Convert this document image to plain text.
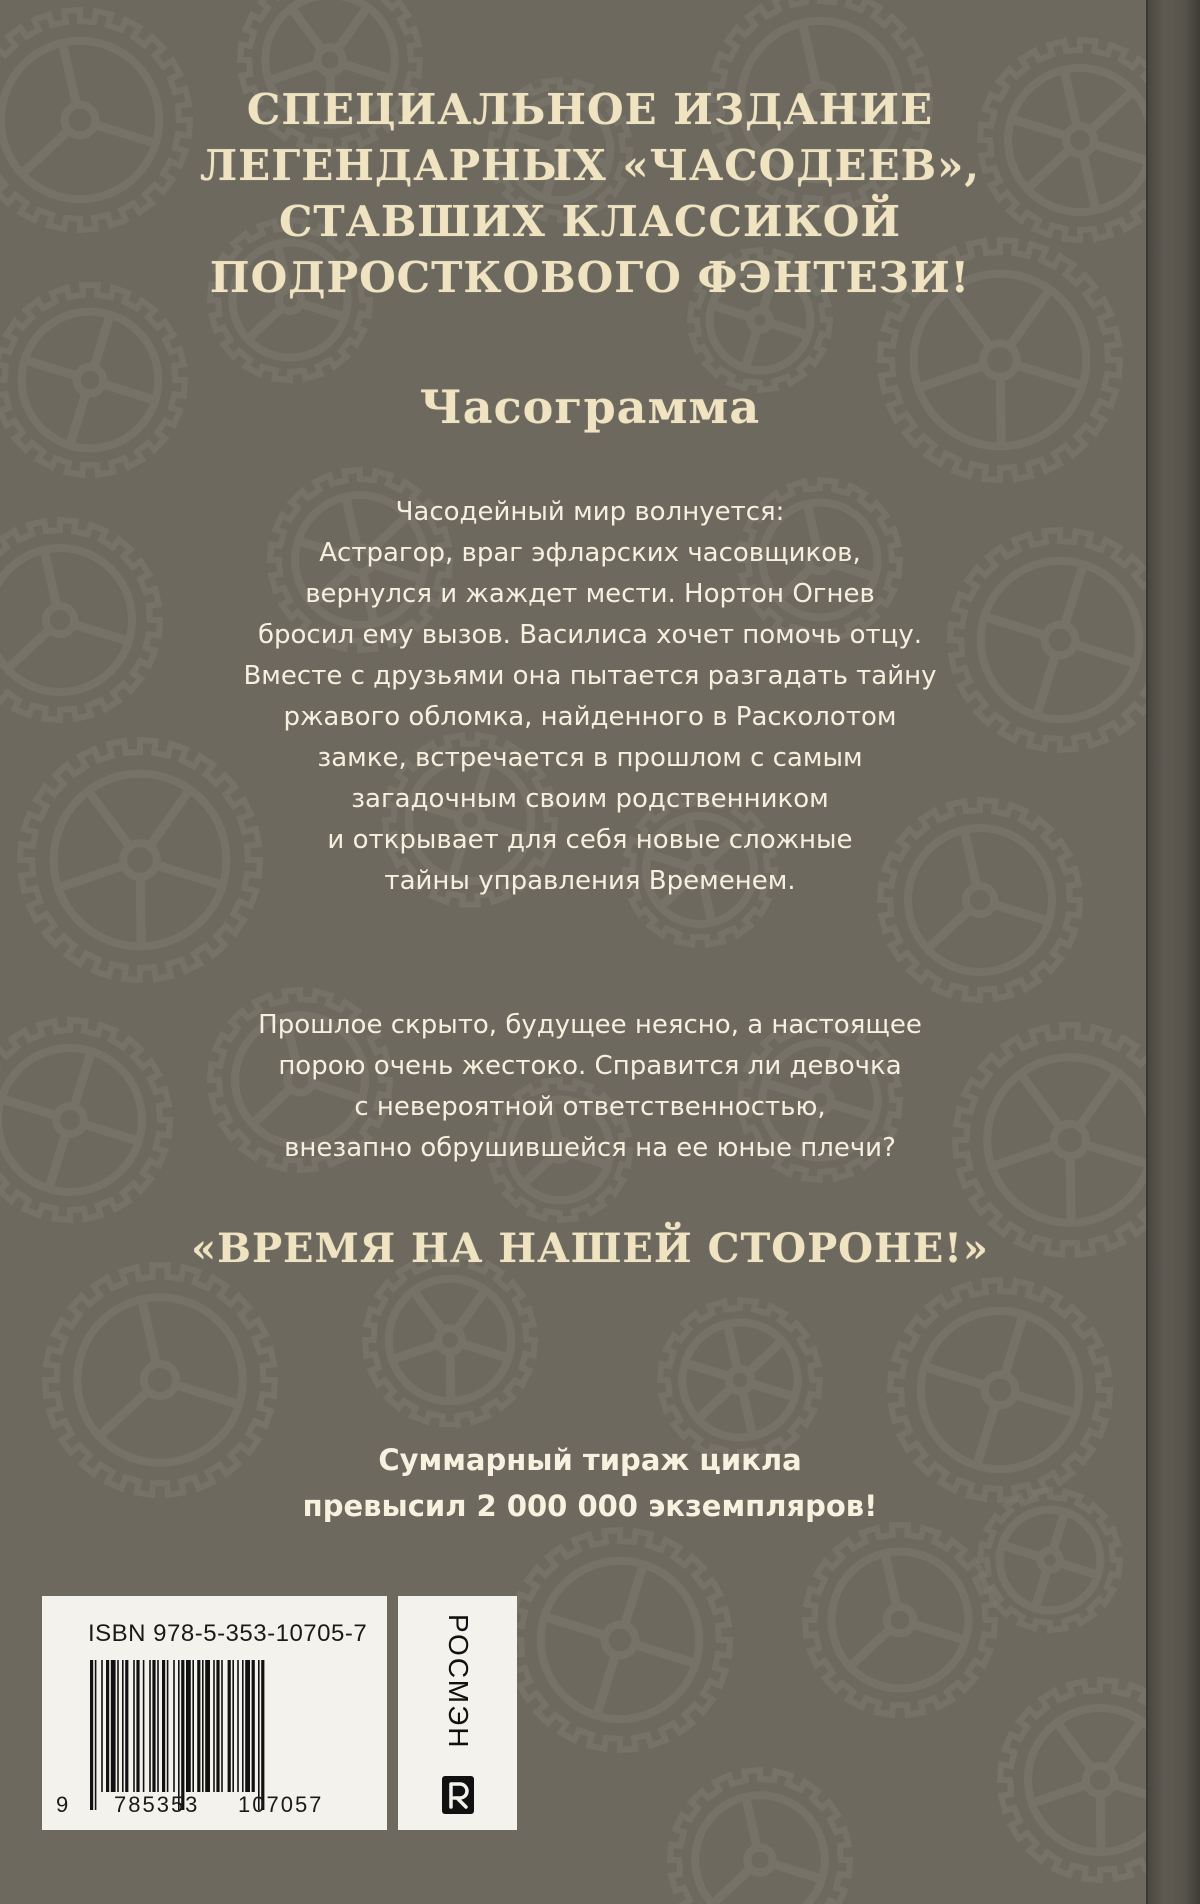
СПЕЦИАЛЬНОЕ ИЗДАНИЕ
ЛЕГЕНДАРНЫХ «ЧАСОДЕЕВ»,
СТАВШИХ КЛАССИКОЙ
ПОДРОСТКОВОГО ФЭНТЕЗИ!
Часограмма

Часодейный мир волнуется:
Астрагор, враг эфларских часовщиков,
вернулся и жаждет мести. Нортон Огнев
бросил ему вызов. Василиса хочет помочь отцу.
Вместе с друзьями она пытается разгадать тайну
ржавого обломка, найденного в Расколотом
замке, встречается в прошлом с самым
загадочным своим родственником
и открывает для себя новые сложные
тайны управления Временем.

Прошлое скрыто, будущее неясно, а настоящее
порою очень жестоко. Справится ли девочка
с невероятной ответственностью,
внезапно обрушившейся на ее юные плечи?

«ВРЕМЯ НА НАШЕЙ СТОРОНЕ!»

Суммарный тираж цикла
превысил 2 000 000 экземпляров!

ISBN 978-5-353-10705-7
9 785353 107057
РОСМЭН
